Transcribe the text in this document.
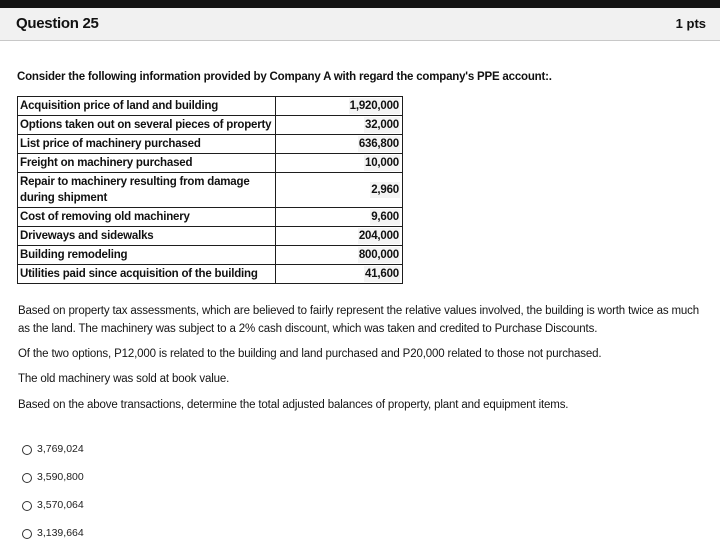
Question 25	1 pts
Consider the following information provided by Company A with regard the company's PPE account:.
Acquisition price of land and building	1,920,000
Options taken out on several pieces of property	32,000
List price of machinery purchased	636,800
Freight on machinery purchased	10,000
Repair to machinery resulting from damage during shipment	2,960
Cost of removing old machinery	9,600
Driveways and sidewalks	204,000
Building remodeling	800,000
Utilities paid since acquisition of the building	41,600
Based on property tax assessments, which are believed to fairly represent the relative values involved, the building is worth twice as much as the land. The machinery was subject to a 2% cash discount, which was taken and credited to Purchase Discounts.
Of the two options, P12,000 is related to the building and land purchased and P20,000 related to those not purchased.
The old machinery was sold at book value.
Based on the above transactions, determine the total adjusted balances of property, plant and equipment items.
3,769,024
3,590,800
3,570,064
3,139,664
